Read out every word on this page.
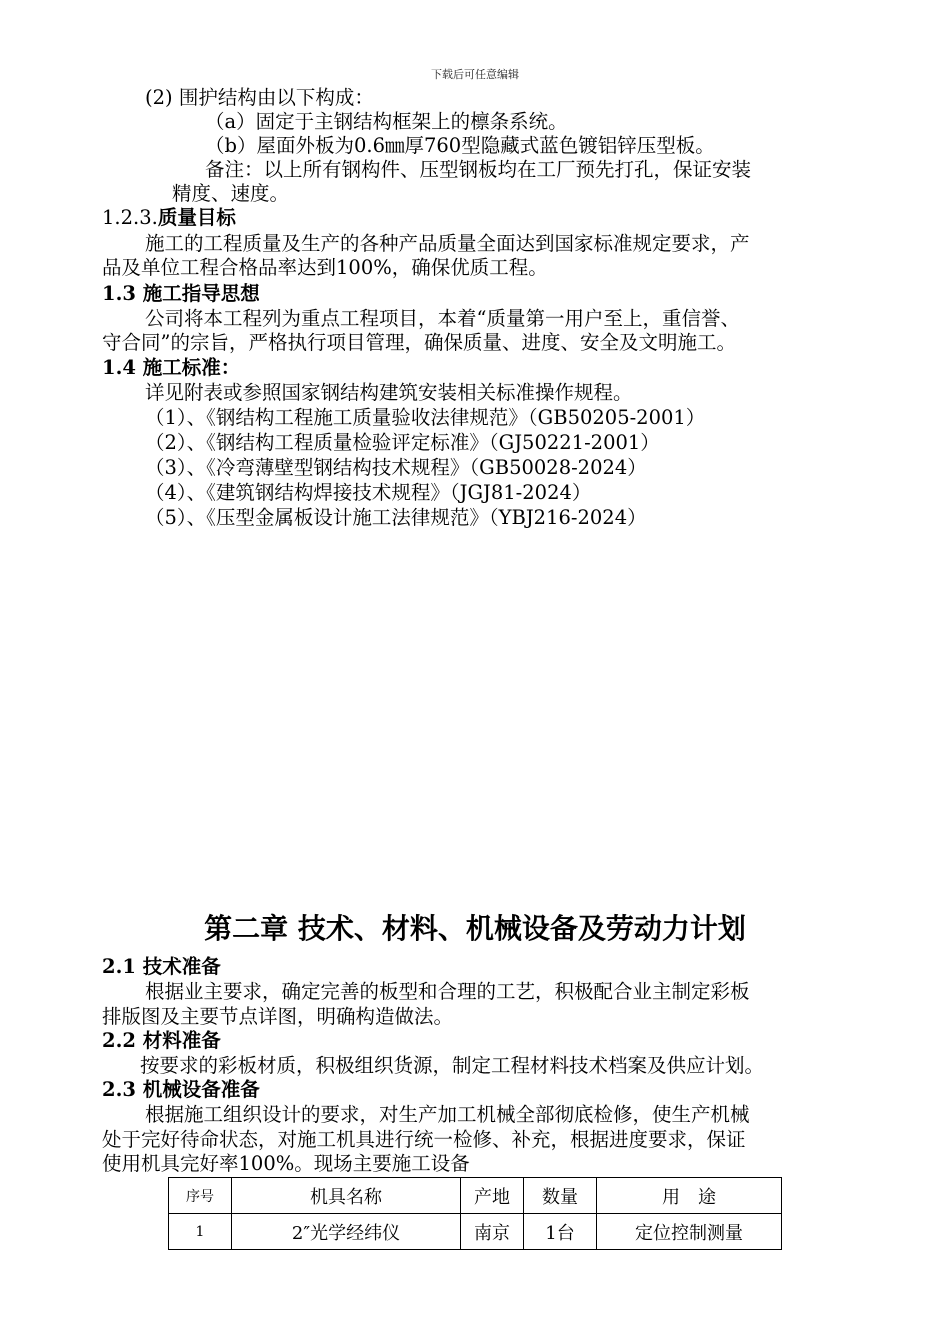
下载后可任意编辑
(2) 围护结构由以下构成：
（a）固定于主钢结构框架上的檩条系统。
（b）屋面外板为0.6㎜厚760型隐藏式蓝色镀铝锌压型板。
备注：以上所有钢构件、压型钢板均在工厂预先打孔，保证安装
精度、速度。
1.2.3.质量目标
施工的工程质量及生产的各种产品质量全面达到国家标准规定要求，产
品及单位工程合格品率达到100%，确保优质工程。
1.3 施工指导思想
公司将本工程列为重点工程项目，本着“质量第一用户至上，重信誉、
守合同”的宗旨，严格执行项目管理，确保质量、进度、安全及文明施工。
1.4 施工标准：
详见附表或参照国家钢结构建筑安装相关标准操作规程。
（1）、《钢结构工程施工质量验收法律规范》（GB50205-2001）
（2）、《钢结构工程质量检验评定标准》（GJ50221-2001）
（3）、《冷弯薄壁型钢结构技术规程》（GB50028-2024）
（4）、《建筑钢结构焊接技术规程》（JGJ81-2024）
（5）、《压型金属板设计施工法律规范》（YBJ216-2024）
第二章 技术、材料、机械设备及劳动力计划
2.1 技术准备
根据业主要求，确定完善的板型和合理的工艺，积极配合业主制定彩板
排版图及主要节点详图，明确构造做法。
2.2 材料准备
按要求的彩板材质，积极组织货源，制定工程材料技术档案及供应计划。
2.3 机械设备准备
根据施工组织设计的要求，对生产加工机械全部彻底检修，使生产机械
处于完好待命状态，对施工机具进行统一检修、补充，根据进度要求，保证
使用机具完好率100%。现场主要施工设备
序号	机具名称	产地	数量	用　途
1	2″光学经纬仪	南京	1台	定位控制测量
